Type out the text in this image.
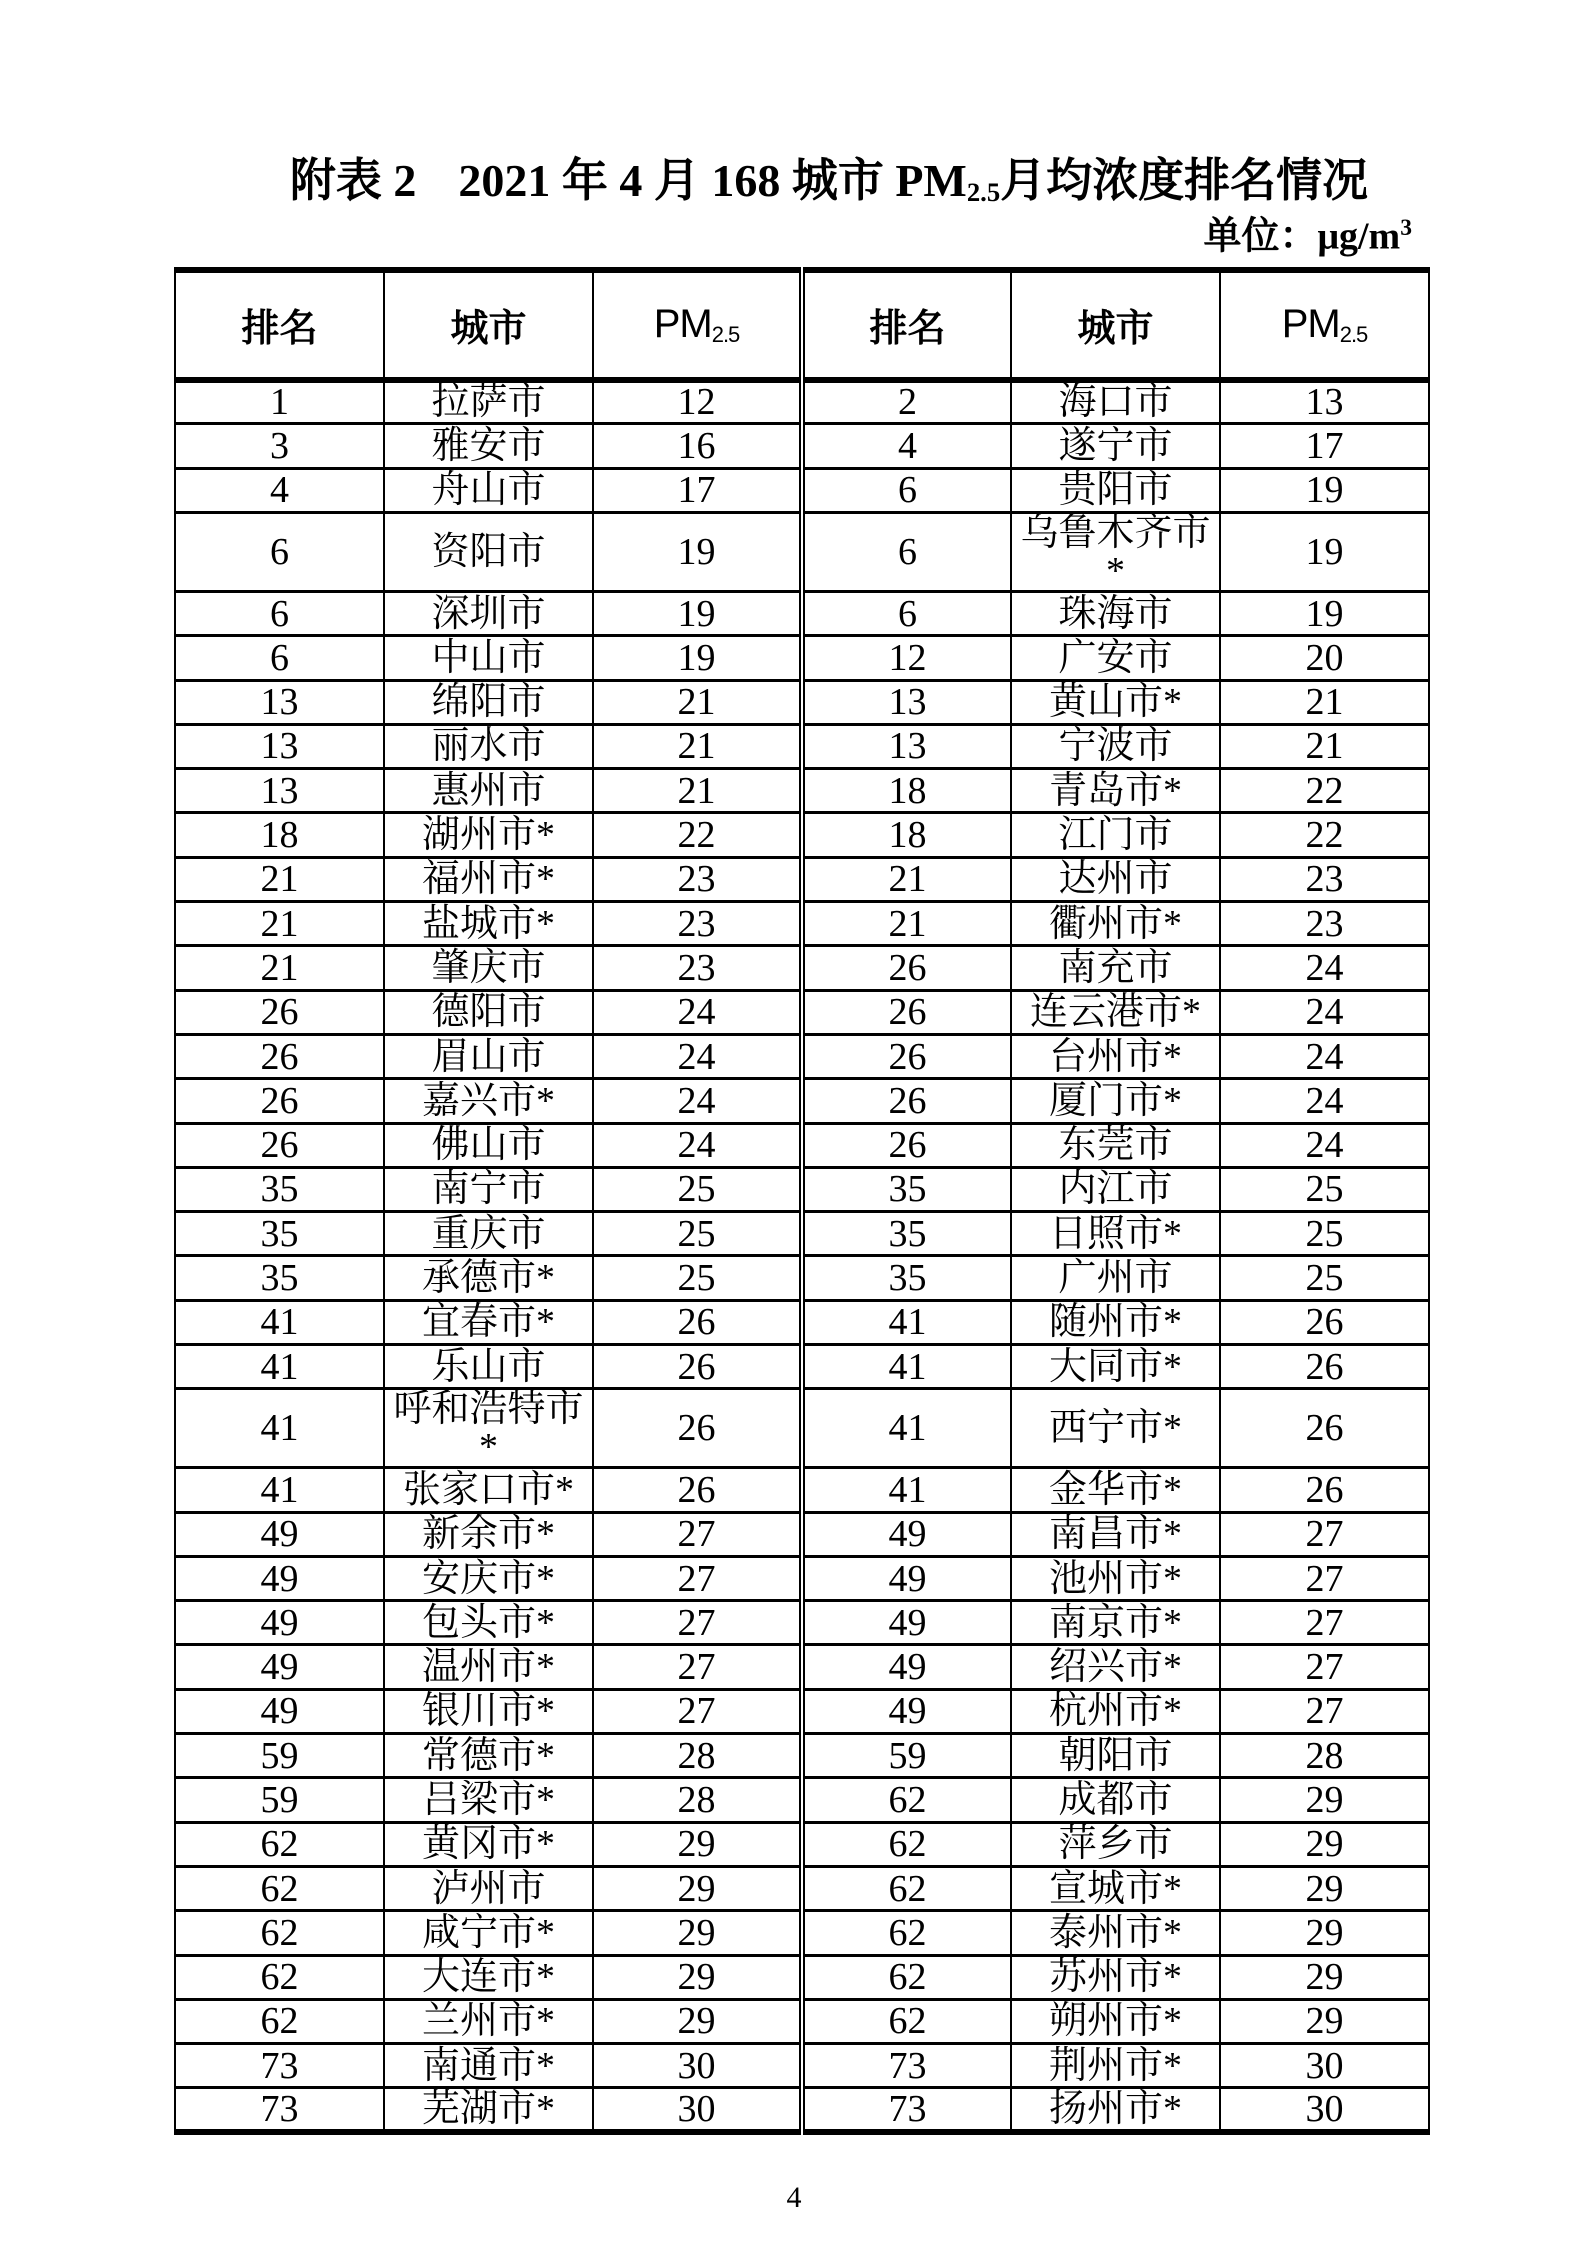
附表 2 2021 年 4 月 168 城市 $PM_{2.5}$月均浓度排名情况
单位：$\mu g/m^3$
排名	城市	$PM_{2.5}$	排名	城市	$PM_{2.5}$
1	拉萨市	12	2	海口市	13
3	雅安市	16	4	遂宁市	17
4	舟山市	17	6	贵阳市	19
6	资阳市	19	6	乌鲁木齐市*	19
6	深圳市	19	6	珠海市	19
6	中山市	19	12	广安市	20
13	绵阳市	21	13	黄山市*	21
13	丽水市	21	13	宁波市	21
13	惠州市	21	18	青岛市*	22
18	湖州市*	22	18	江门市	22
21	福州市*	23	21	达州市	23
21	盐城市*	23	21	衢州市*	23
21	肇庆市	23	26	南充市	24
26	德阳市	24	26	连云港市*	24
26	眉山市	24	26	台州市*	24
26	嘉兴市*	24	26	厦门市*	24
26	佛山市	24	26	东莞市	24
35	南宁市	25	35	内江市	25
35	重庆市	25	35	日照市*	25
35	承德市*	25	35	广州市	25
41	宜春市*	26	41	随州市*	26
41	乐山市	26	41	大同市*	26
41	呼和浩特市*	26	41	西宁市*	26
41	张家口市*	26	41	金华市*	26
49	新余市*	27	49	南昌市*	27
49	安庆市*	27	49	池州市*	27
49	包头市*	27	49	南京市*	27
49	温州市*	27	49	绍兴市*	27
49	银川市*	27	49	杭州市*	27
59	常德市*	28	59	朝阳市	28
59	吕梁市*	28	62	成都市	29
62	黄冈市*	29	62	萍乡市	29
62	泸州市	29	62	宣城市*	29
62	咸宁市*	29	62	泰州市*	29
62	大连市*	29	62	苏州市*	29
62	兰州市*	29	62	朔州市*	29
73	南通市*	30	73	荆州市*	30
73	芜湖市*	30	73	扬州市*	30
4
